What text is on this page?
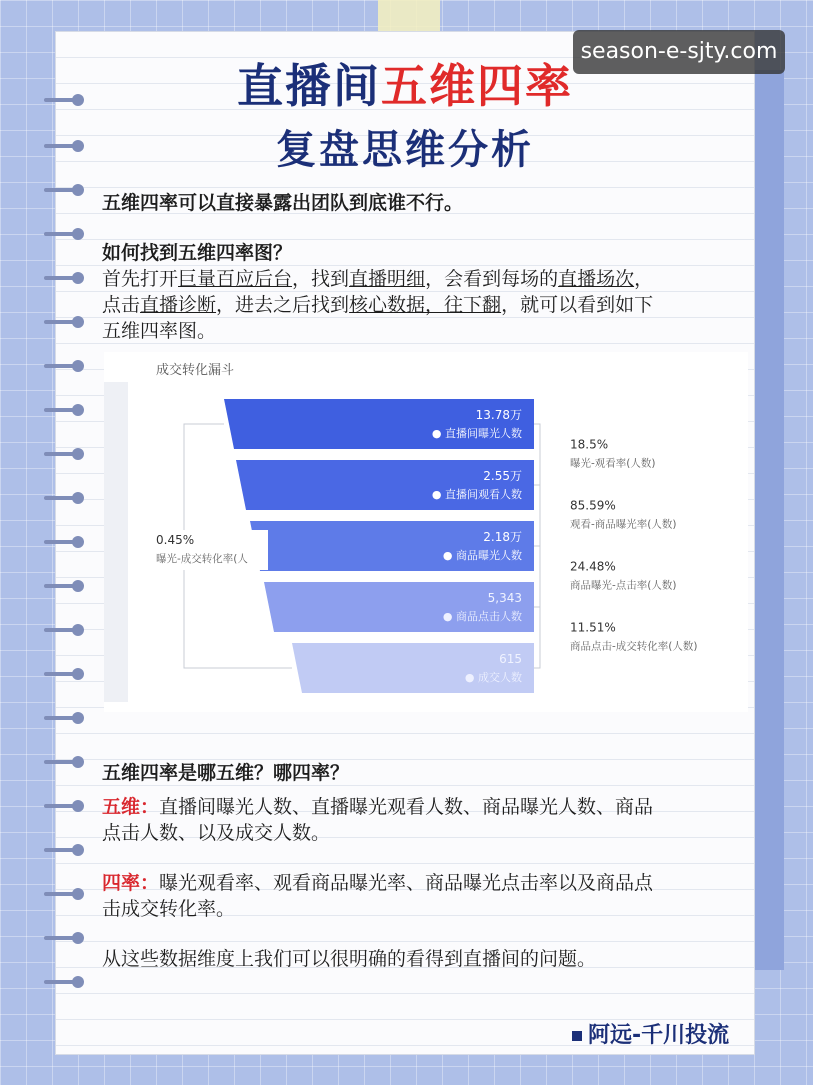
season-e-sjty.com
直播间五维四率
复盘思维分析
五维四率可以直接暴露出团队到底谁不行。
如何找到五维四率图？
首先打开巨量百应后台，找到直播明细，会看到每场的直播场次，
点击直播诊断，进去之后找到核心数据，往下翻，就可以看到如下
五维四率图。
成交转化漏斗
13.78万
● 直播间曝光人数
2.55万
● 直播间观看人数
2.18万
● 商品曝光人数
5,343
● 商品点击人数
615
● 成交人数
18.5%
曝光-观看率(人数)
85.59%
观看-商品曝光率(人数)
24.48%
商品曝光-点击率(人数)
11.51%
商品点击-成交转化率(人数)
0.45%
曝光-成交转化率(人
五维四率是哪五维？哪四率？
五维：直播间曝光人数、直播曝光观看人数、商品曝光人数、商品
点击人数、以及成交人数。
四率：曝光观看率、观看商品曝光率、商品曝光点击率以及商品点
击成交转化率。
从这些数据维度上我们可以很明确的看得到直播间的问题。
阿远-千川投流
